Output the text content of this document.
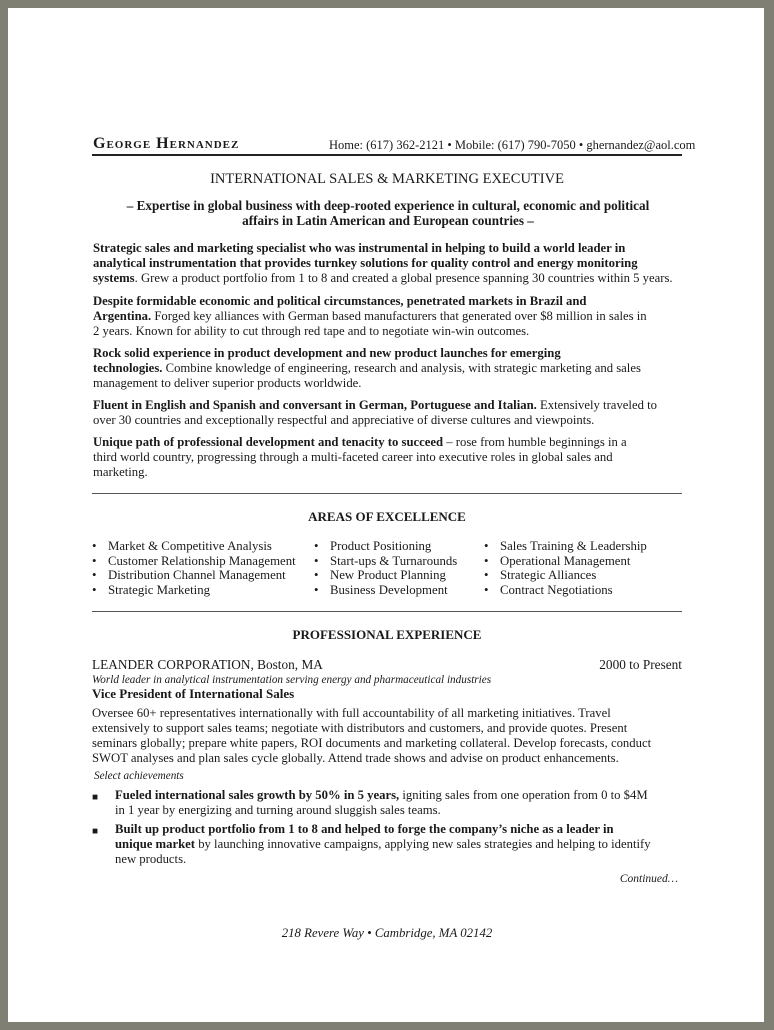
George Hernandez	Home: (617) 362-2121 • Mobile: (617) 790-7050 • ghernandez@aol.com
INTERNATIONAL SALES & MARKETING EXECUTIVE
– Expertise in global business with deep-rooted experience in cultural, economic and political
affairs in Latin American and European countries –
Strategic sales and marketing specialist who was instrumental in helping to build a world leader in
analytical instrumentation that provides turnkey solutions for quality control and energy monitoring
systems. Grew a product portfolio from 1 to 8 and created a global presence spanning 30 countries within 5 years.
Despite formidable economic and political circumstances, penetrated markets in Brazil and
Argentina. Forged key alliances with German based manufacturers that generated over $8 million in sales in
2 years. Known for ability to cut through red tape and to negotiate win-win outcomes.
Rock solid experience in product development and new product launches for emerging
technologies. Combine knowledge of engineering, research and analysis, with strategic marketing and sales
management to deliver superior products worldwide.
Fluent in English and Spanish and conversant in German, Portuguese and Italian. Extensively traveled to
over 30 countries and exceptionally respectful and appreciative of diverse cultures and viewpoints.
Unique path of professional development and tenacity to succeed – rose from humble beginnings in a
third world country, progressing through a multi-faceted career into executive roles in global sales and
marketing.
AREAS OF EXCELLENCE
• Market & Competitive Analysis
• Customer Relationship Management
• Distribution Channel Management
• Strategic Marketing
• Product Positioning
• Start-ups & Turnarounds
• New Product Planning
• Business Development
• Sales Training & Leadership
• Operational Management
• Strategic Alliances
• Contract Negotiations
PROFESSIONAL EXPERIENCE
LEANDER CORPORATION, Boston, MA	2000 to Present
World leader in analytical instrumentation serving energy and pharmaceutical industries
Vice President of International Sales
Oversee 60+ representatives internationally with full accountability of all marketing initiatives. Travel
extensively to support sales teams; negotiate with distributors and customers, and provide quotes. Present
seminars globally; prepare white papers, ROI documents and marketing collateral. Develop forecasts, conduct
SWOT analyses and plan sales cycle globally. Attend trade shows and advise on product enhancements.
Select achievements
■ Fueled international sales growth by 50% in 5 years, igniting sales from one operation from 0 to $4M
in 1 year by energizing and turning around sluggish sales teams.
■ Built up product portfolio from 1 to 8 and helped to forge the company’s niche as a leader in
unique market by launching innovative campaigns, applying new sales strategies and helping to identify
new products.
Continued…
218 Revere Way • Cambridge, MA 02142
